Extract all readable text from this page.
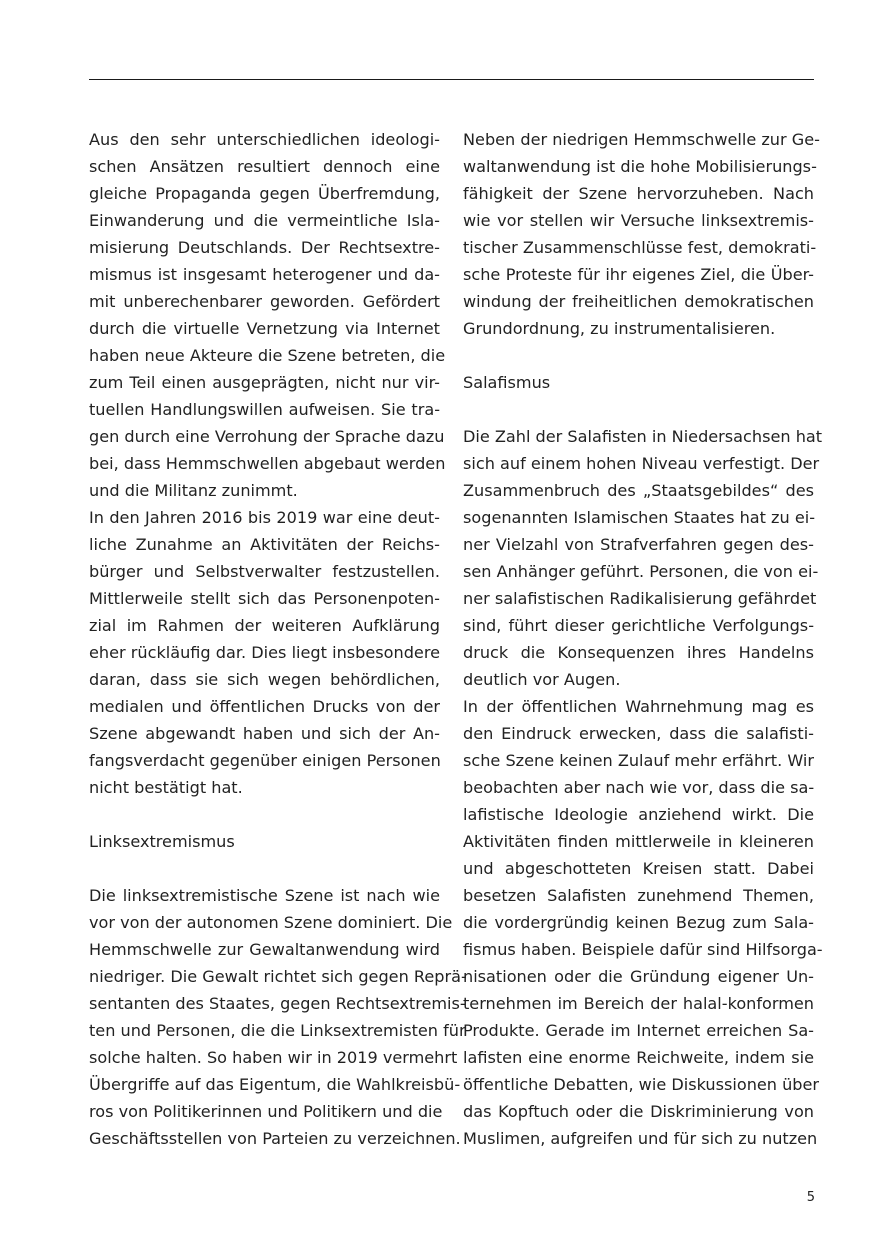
Aus den sehr unterschiedlichen ideologi-
schen Ansätzen resultiert dennoch eine
gleiche Propaganda gegen Überfremdung,
Einwanderung und die vermeintliche Isla-
misierung Deutschlands. Der Rechtsextre-
mismus ist insgesamt heterogener und da-
mit unberechenbarer geworden. Gefördert
durch die virtuelle Vernetzung via Internet
haben neue Akteure die Szene betreten, die
zum Teil einen ausgeprägten, nicht nur vir-
tuellen Handlungswillen aufweisen. Sie tra-
gen durch eine Verrohung der Sprache dazu
bei, dass Hemmschwellen abgebaut werden
und die Militanz zunimmt.
In den Jahren 2016 bis 2019 war eine deut-
liche Zunahme an Aktivitäten der Reichs-
bürger und Selbstverwalter festzustellen.
Mittlerweile stellt sich das Personenpoten-
zial im Rahmen der weiteren Aufklärung
eher rückläufig dar. Dies liegt insbesondere
daran, dass sie sich wegen behördlichen,
medialen und öffentlichen Drucks von der
Szene abgewandt haben und sich der An-
fangsverdacht gegenüber einigen Personen
nicht bestätigt hat.
Linksextremismus
Die linksextremistische Szene ist nach wie
vor von der autonomen Szene dominiert. Die
Hemmschwelle zur Gewaltanwendung wird
niedriger. Die Gewalt richtet sich gegen Reprä-
sentanten des Staates, gegen Rechtsextremis-
ten und Personen, die die Linksextremisten für
solche halten. So haben wir in 2019 vermehrt
Übergriffe auf das Eigentum, die Wahlkreisbü-
ros von Politikerinnen und Politikern und die
Geschäftsstellen von Parteien zu verzeichnen.
Neben der niedrigen Hemmschwelle zur Ge-
waltanwendung ist die hohe Mobilisierungs-
fähigkeit der Szene hervorzuheben. Nach
wie vor stellen wir Versuche linksextremis-
tischer Zusammenschlüsse fest, demokrati-
sche Proteste für ihr eigenes Ziel, die Über-
windung der freiheitlichen demokratischen
Grundordnung, zu instrumentalisieren.
Salafismus
Die Zahl der Salafisten in Niedersachsen hat
sich auf einem hohen Niveau verfestigt. Der
Zusammenbruch des „Staatsgebildes“ des
sogenannten Islamischen Staates hat zu ei-
ner Vielzahl von Strafverfahren gegen des-
sen Anhänger geführt. Personen, die von ei-
ner salafistischen Radikalisierung gefährdet
sind, führt dieser gerichtliche Verfolgungs-
druck die Konsequenzen ihres Handelns
deutlich vor Augen.
In der öffentlichen Wahrnehmung mag es
den Eindruck erwecken, dass die salafisti-
sche Szene keinen Zulauf mehr erfährt. Wir
beobachten aber nach wie vor, dass die sa-
lafistische Ideologie anziehend wirkt. Die
Aktivitäten finden mittlerweile in kleineren
und abgeschotteten Kreisen statt. Dabei
besetzen Salafisten zunehmend Themen,
die vordergründig keinen Bezug zum Sala-
fismus haben. Beispiele dafür sind Hilfsorga-
nisationen oder die Gründung eigener Un-
ternehmen im Bereich der halal-konformen
Produkte. Gerade im Internet erreichen Sa-
lafisten eine enorme Reichweite, indem sie
öffentliche Debatten, wie Diskussionen über
das Kopftuch oder die Diskriminierung von
Muslimen, aufgreifen und für sich zu nutzen
5
